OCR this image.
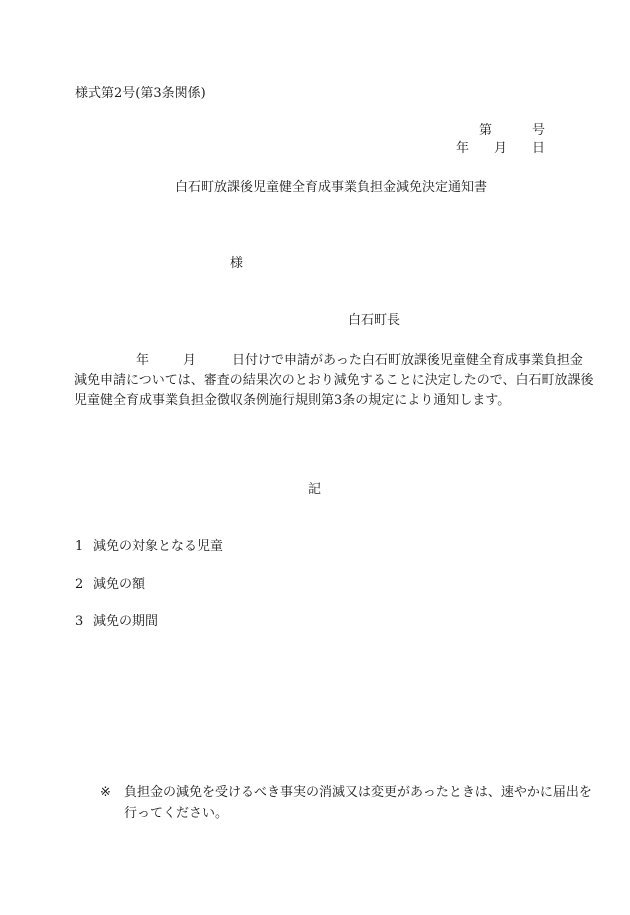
様式第2号(第3条関係)
第	号
年 月 日
白石町放課後児童健全育成事業負担金減免決定通知書
様
白石町長
年	月	日付けで申請があった白石町放課後児童健全育成事業負担金
減免申請については、審査の結果次のとおり減免することに決定したので、白石町放課後
児童健全育成事業負担金徴収条例施行規則第3条の規定により通知します。
記
1 減免の対象となる児童
2 減免の額
3 減免の期間
※ 負担金の減免を受けるべき事実の消滅又は変更があったときは、速やかに届出を
行ってください。
